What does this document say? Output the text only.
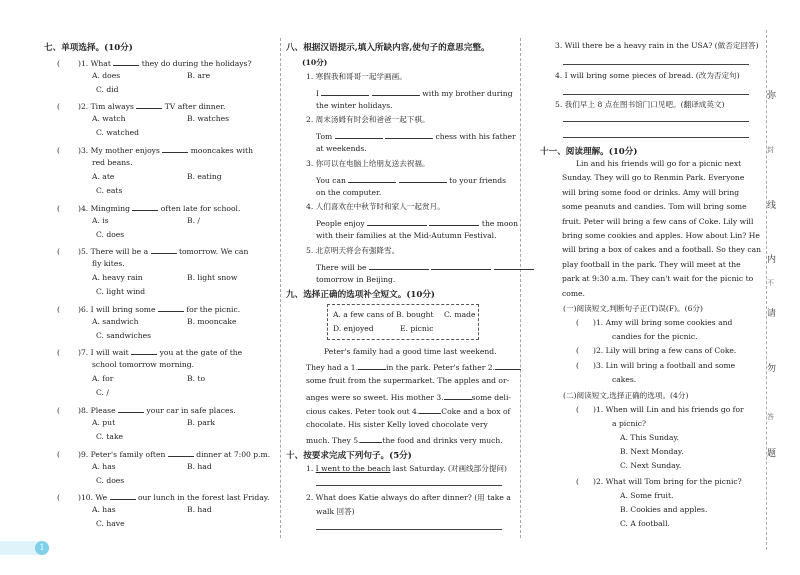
七、单项选择。(10分)
( )1. What	they do during the holidays?
A. does	B. are
C. did
( )2. Tim always	TV after dinner.
A. watch	B. watches
C. watched
( )3. My mother enjoys	mooncakes with
red beans.
A. ate	B. eating
C. eats
( )4. Mingming	often late for school.
A. is	B. /
C. does
( )5. There will be a	tomorrow. We can
fly kites.
A. heavy rain	B. light snow
C. light wind
( )6. I will bring some	for the picnic.
A. sandwich	B. mooncake
C. sandwiches
( )7. I will wait	you at the gate of the
school tomorrow morning.
A. for	B. to
C. /
( )8. Please	your car in safe places.
A. put	B. park
C. take
( )9. Peter's family often	dinner at 7:00 p.m.
A. has	B. had
C. does
( )10. We	our lunch in the forest last Friday.
A. has	B. had
C. have
八、根据汉语提示,填入所缺内容,使句子的意思完整。
(10分)
1. 寒假我和哥哥一起学画画。
I	with my brother during
the winter holidays.
2. 周末汤姆有时会和爸爸一起下棋。
Tom	chess with his father
at weekends.
3. 你可以在电脑上给朋友送去祝福。
You can	to your friends
on the computer.
4. 人们喜欢在中秋节时和家人一起赏月。
People enjoy	the moon
with their families at the Mid-Autumn Festival.
5. 北京明天将会有强降雪。
There will be
tomorrow in Beijing.
九、选择正确的选项补全短文。(10分)
A. a few cans of B. bought C. made
D. enjoyed	E. picnic
Peter's family had a good time last weekend.
They had a 1.	in the park. Peter's father 2.
some fruit from the supermarket. The apples and or-
anges were so sweet. His mother 3.	some deli-
cious cakes. Peter took out 4.	Coke and a box of
chocolate. His sister Kelly loved chocolate very
much. They 5.	the food and drinks very much.
十、按要求完成下列句子。(5分)
1. I went to the beach last Saturday. (对画线部分提问)
2. What does Katie always do after dinner? (用 take a
walk 回答)
3. Will there be a heavy rain in the USA? (做否定回答)
4. I will bring some pieces of bread. (改为否定句)
5. 我们早上 8 点在图书馆门口见吧。(翻译成英文)
十一、阅读理解。(10分)
Lin and his friends will go for a picnic next
Sunday. They will go to Renmin Park. Everyone
will bring some food or drinks. Amy will bring
some peanuts and candies. Tom will bring some
fruit. Peter will bring a few cans of Coke. Lily will
bring some cookies and apples. How about Lin? He
will bring a box of cakes and a football. So they can
play football in the park. They will meet at the
park at 9:30 a.m. They can't wait for the picnic to
come.
(一)阅读短文,判断句子正(T)误(F)。(6分)
( )1. Amy will bring some cookies and
candies for the picnic.
( )2. Lily will bring a few cans of Coke.
( )3. Lin will bring a football and some
cakes.
(二)阅读短文,选择正确的选项。(4分)
( )1. When will Lin and his friends go for
a picnic?
A. This Sunday.
B. Next Monday.
C. Next Sunday.
( )2. What will Tom bring for the picnic?
A. Some fruit.
B. Cookies and apples.
C. A football.
弥
封
线
内
不
请
勿
答
题
1
